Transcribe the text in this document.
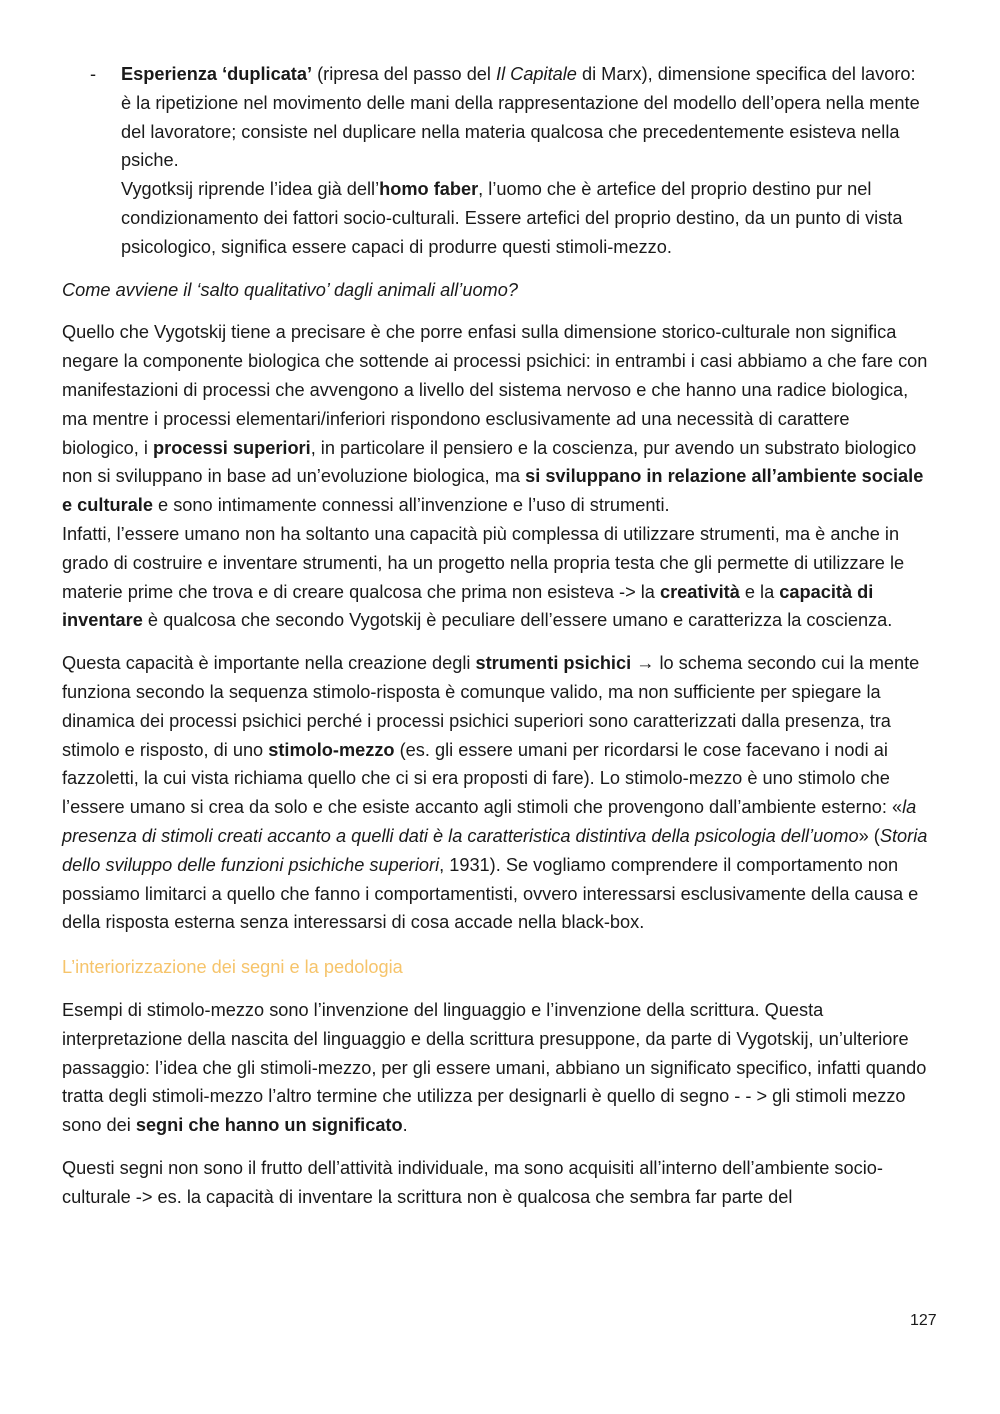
- Esperienza ‘duplicata’ (ripresa del passo del Il Capitale di Marx), dimensione specifica del lavoro: è la ripetizione nel movimento delle mani della rappresentazione del modello dell’opera nella mente del lavoratore; consiste nel duplicare nella materia qualcosa che precedentemente esisteva nella psiche.

Vygotksij riprende l’idea già dell’homo faber, l’uomo che è artefice del proprio destino pur nel condizionamento dei fattori socio-culturali. Essere artefici del proprio destino, da un punto di vista psicologico, significa essere capaci di produrre questi stimoli-mezzo.

Come avviene il ‘salto qualitativo’ dagli animali all’uomo?

Quello che Vygotskij tiene a precisare è che porre enfasi sulla dimensione storico-culturale non significa negare la componente biologica che sottende ai processi psichici: in entrambi i casi abbiamo a che fare con manifestazioni di processi che avvengono a livello del sistema nervoso e che hanno una radice biologica, ma mentre i processi elementari/inferiori rispondono esclusivamente ad una necessità di carattere biologico, i processi superiori, in particolare il pensiero e la coscienza, pur avendo un substrato biologico non si sviluppano in base ad un’evoluzione biologica, ma si sviluppano in relazione all’ambiente sociale e culturale e sono intimamente connessi all’invenzione e l’uso di strumenti.

Infatti, l’essere umano non ha soltanto una capacità più complessa di utilizzare strumenti, ma è anche in grado di costruire e inventare strumenti, ha un progetto nella propria testa che gli permette di utilizzare le materie prime che trova e di creare qualcosa che prima non esisteva -> la creatività e la capacità di inventare è qualcosa che secondo Vygotskij è peculiare dell’essere umano e caratterizza la coscienza.

Questa capacità è importante nella creazione degli strumenti psichici → lo schema secondo cui la mente funziona secondo la sequenza stimolo-risposta è comunque valido, ma non sufficiente per spiegare la dinamica dei processi psichici perché i processi psichici superiori sono caratterizzati dalla presenza, tra stimolo e risposto, di uno stimolo-mezzo (es. gli essere umani per ricordarsi le cose facevano i nodi ai fazzoletti, la cui vista richiama quello che ci si era proposti di fare). Lo stimolo-mezzo è uno stimolo che l’essere umano si crea da solo e che esiste accanto agli stimoli che provengono dall’ambiente esterno: «la presenza di stimoli creati accanto a quelli dati è la caratteristica distintiva della psicologia dell’uomo» (Storia dello sviluppo delle funzioni psichiche superiori, 1931). Se vogliamo comprendere il comportamento non possiamo limitarci a quello che fanno i comportamentisti, ovvero interessarsi esclusivamente della causa e della risposta esterna senza interessarsi di cosa accade nella black-box.

L’interiorizzazione dei segni e la pedologia

Esempi di stimolo-mezzo sono l’invenzione del linguaggio e l’invenzione della scrittura. Questa interpretazione della nascita del linguaggio e della scrittura presuppone, da parte di Vygotskij, un’ulteriore passaggio: l’idea che gli stimoli-mezzo, per gli essere umani, abbiano un significato specifico, infatti quando tratta degli stimoli-mezzo l’altro termine che utilizza per designarli è quello di segno - - > gli stimoli mezzo sono dei segni che hanno un significato.

Questi segni non sono il frutto dell’attività individuale, ma sono acquisiti all’interno dell’ambiente socio-culturale -> es. la capacità di inventare la scrittura non è qualcosa che sembra far parte del

127
